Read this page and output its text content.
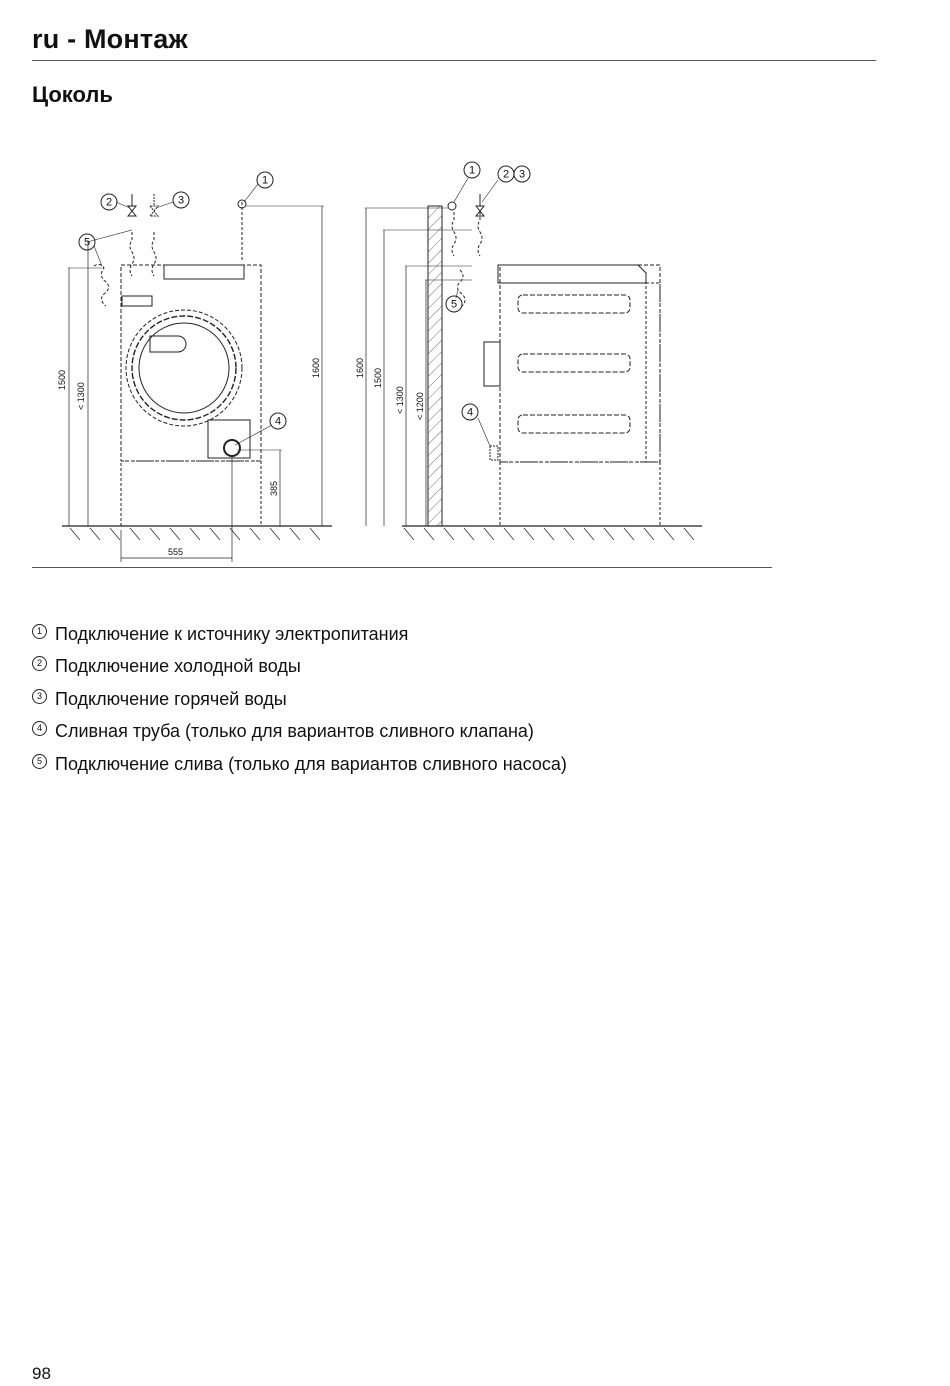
ru - Монтаж
Цоколь
1
2	3
4
5
1500
< 1300
1600
385
555
1	2 3
5
4
1600 1500
< 1300 < 1200
1 Подключение к источнику электропитания
2 Подключение холодной воды
3 Подключение горячей воды
4 Сливная труба (только для вариантов сливного клапана)
5 Подключение слива (только для вариантов сливного насоса)
98
